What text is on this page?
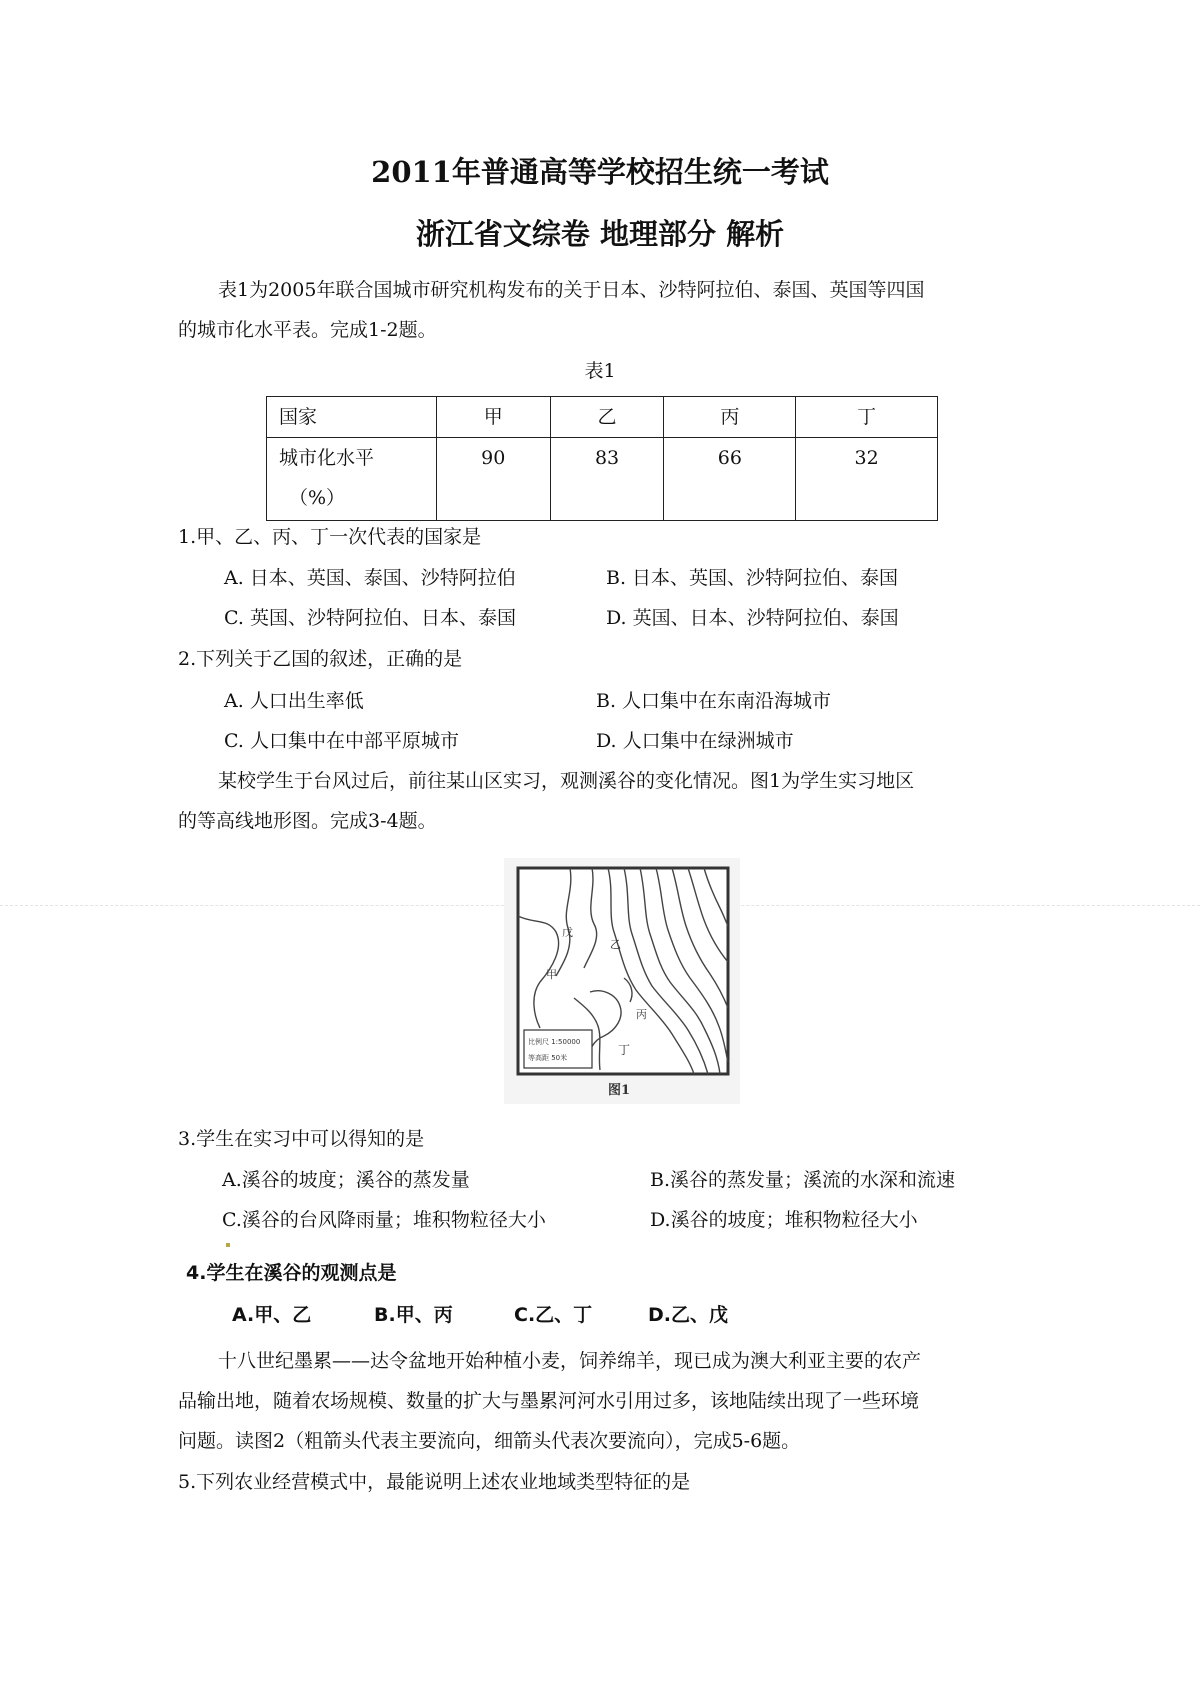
2011年普通高等学校招生统一考试
浙江省文综卷 地理部分 解析
表1为2005年联合国城市研究机构发布的关于日本、沙特阿拉伯、泰国、英国等四国
的城市化水平表。完成1-2题。
表1
国家	甲	乙	丙	丁

城市化水平
（%）	90	83	66	32
1.甲、乙、丙、丁一次代表的国家是
A. 日本、英国、泰国、沙特阿拉伯	B. 日本、英国、沙特阿拉伯、泰国
C. 英国、沙特阿拉伯、日本、泰国	D. 英国、日本、沙特阿拉伯、泰国
2.下列关于乙国的叙述，正确的是
A. 人口出生率低	B. 人口集中在东南沿海城市
C. 人口集中在中部平原城市	D. 人口集中在绿洲城市
某校学生于台风过后，前往某山区实习，观测溪谷的变化情况。图1为学生实习地区
的等高线地形图。完成3-4题。
比例尺 1:50000
等高距 50米
戊
乙
甲
丙
丁
图1
3.学生在实习中可以得知的是
A.溪谷的坡度；溪谷的蒸发量	B.溪谷的蒸发量；溪流的水深和流速
C.溪谷的台风降雨量；堆积物粒径大小	D.溪谷的坡度；堆积物粒径大小
4.学生在溪谷的观测点是
A.甲、乙	B.甲、丙	C.乙、丁	D.乙、戊
十八世纪墨累——达令盆地开始种植小麦，饲养绵羊，现已成为澳大利亚主要的农产
品输出地，随着农场规模、数量的扩大与墨累河河水引用过多，该地陆续出现了一些环境
问题。读图2（粗箭头代表主要流向，细箭头代表次要流向），完成5-6题。
5.下列农业经营模式中，最能说明上述农业地域类型特征的是
